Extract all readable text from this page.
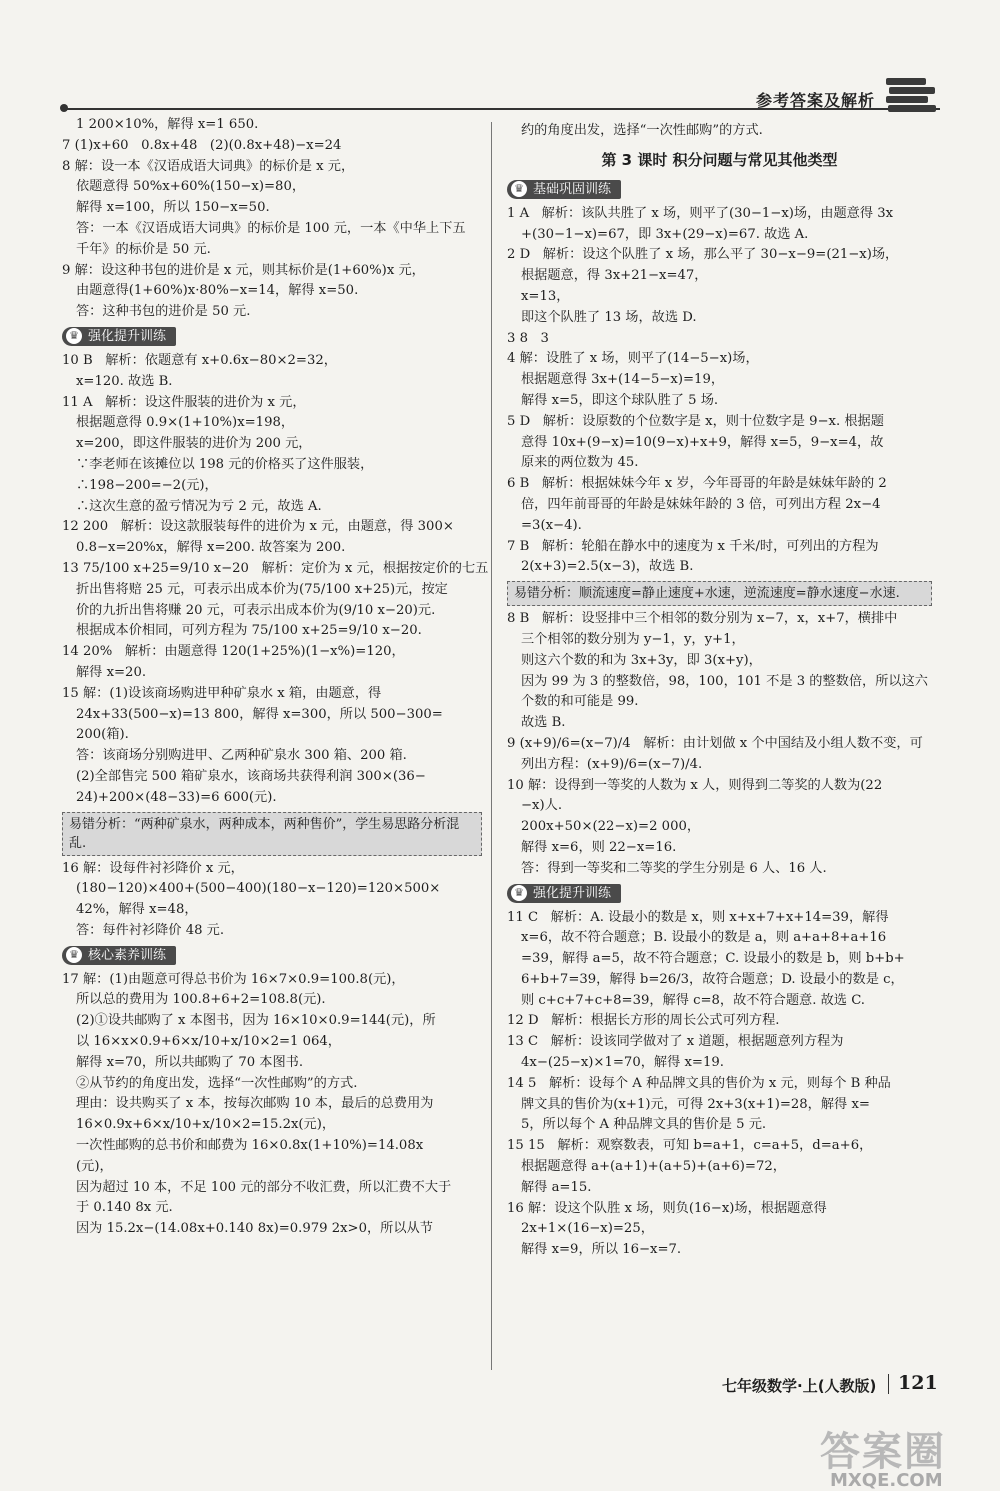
参考答案及解析
1 200×10%，解得 x=1 650.
7 (1)x+60   0.8x+48   (2)(0.8x+48)−x=24
8 解：设一本《汉语成语大词典》的标价是 x 元，
依题意得 50%x+60%(150−x)=80，
解得 x=100，所以 150−x=50.
答：一本《汉语成语大词典》的标价是 100 元，一本《中华上下五
千年》的标价是 50 元.
9 解：设这种书包的进价是 x 元，则其标价是(1+60%)x 元，
由题意得(1+60%)x·80%−x=14，解得 x=50.
答：这种书包的进价是 50 元.
♛ 强化提升训练
10 B   解析：依题意有 x+0.6x−80×2=32，
x=120. 故选 B.
11 A   解析：设这件服装的进价为 x 元，
根据题意得 0.9×(1+10%)x=198，
x=200，即这件服装的进价为 200 元，
∵李老师在该摊位以 198 元的价格买了这件服装，
∴198−200=−2(元)，
∴这次生意的盈亏情况为亏 2 元，故选 A.
12 200   解析：设这款服装每件的进价为 x 元，由题意，得 300×
0.8−x=20%x，解得 x=200. 故答案为 200.
13 75/100 x+25=9/10 x−20   解析：定价为 x 元，根据按定价的七五
折出售将赔 25 元，可表示出成本价为(75/100 x+25)元，按定
价的九折出售将赚 20 元，可表示出成本价为(9/10 x−20)元.
根据成本价相同，可列方程为 75/100 x+25=9/10 x−20.
14 20%   解析：由题意得 120(1+25%)(1−x%)=120，
解得 x=20.
15 解：(1)设该商场购进甲种矿泉水 x 箱，由题意，得
24x+33(500−x)=13 800，解得 x=300，所以 500−300=
200(箱).
答：该商场分别购进甲、乙两种矿泉水 300 箱、200 箱.
(2)全部售完 500 箱矿泉水，该商场共获得利润 300×(36−
24)+200×(48−33)=6 600(元).
易错分析：“两种矿泉水，两种成本，两种售价”，学生易思路分析混乱.
16 解：设每件衬衫降价 x 元，
(180−120)×400+(500−400)(180−x−120)=120×500×
42%，解得 x=48，
答：每件衬衫降价 48 元.
♛ 核心素养训练
17 解：(1)由题意可得总书价为 16×7×0.9=100.8(元)，
所以总的费用为 100.8+6+2=108.8(元).
(2)①设共邮购了 x 本图书，因为 16×10×0.9=144(元)，所
以 16×x×0.9+6×x/10+x/10×2=1 064，
解得 x=70，所以共邮购了 70 本图书.
②从节约的角度出发，选择“一次性邮购”的方式.
理由：设共购买了 x 本，按每次邮购 10 本，最后的总费用为
16×0.9x+6×x/10+x/10×2=15.2x(元)，
一次性邮购的总书价和邮费为 16×0.8x(1+10%)=14.08x
(元)，
因为超过 10 本，不足 100 元的部分不收汇费，所以汇费不大于
于 0.140 8x 元.
因为 15.2x−(14.08x+0.140 8x)=0.979 2x>0，所以从节
约的角度出发，选择“一次性邮购”的方式.
第 3 课时 积分问题与常见其他类型
♛ 基础巩固训练
1 A   解析：该队共胜了 x 场，则平了(30−1−x)场，由题意得 3x
+(30−1−x)=67，即 3x+(29−x)=67. 故选 A.
2 D   解析：设这个队胜了 x 场，那么平了 30−x−9=(21−x)场，
根据题意，得 3x+21−x=47，
x=13，
即这个队胜了 13 场，故选 D.
3 8   3
4 解：设胜了 x 场，则平了(14−5−x)场，
根据题意得 3x+(14−5−x)=19，
解得 x=5，即这个球队胜了 5 场.
5 D   解析：设原数的个位数字是 x，则十位数字是 9−x. 根据题
意得 10x+(9−x)=10(9−x)+x+9，解得 x=5，9−x=4，故
原来的两位数为 45.
6 B   解析：根据妹妹今年 x 岁，今年哥哥的年龄是妹妹年龄的 2
倍，四年前哥哥的年龄是妹妹年龄的 3 倍，可列出方程 2x−4
=3(x−4).
7 B   解析：轮船在静水中的速度为 x 千米/时，可列出的方程为
2(x+3)=2.5(x−3)，故选 B.
易错分析：顺流速度=静止速度+水速，逆流速度=静水速度−水速.
8 B   解析：设竖排中三个相邻的数分别为 x−7，x，x+7，横排中
三个相邻的数分别为 y−1，y，y+1，
则这六个数的和为 3x+3y，即 3(x+y)，
因为 99 为 3 的整数倍，98，100，101 不是 3 的整数倍，所以这六
个数的和可能是 99.
故选 B.
9 (x+9)/6=(x−7)/4   解析：由计划做 x 个中国结及小组人数不变，可
列出方程：(x+9)/6=(x−7)/4.
10 解：设得到一等奖的人数为 x 人，则得到二等奖的人数为(22
−x)人.
200x+50×(22−x)=2 000，
解得 x=6，则 22−x=16.
答：得到一等奖和二等奖的学生分别是 6 人、16 人.
♛ 强化提升训练
11 C   解析：A. 设最小的数是 x，则 x+x+7+x+14=39，解得
x=6，故不符合题意；B. 设最小的数是 a，则 a+a+8+a+16
=39，解得 a=5，故不符合题意；C. 设最小的数是 b，则 b+b+
6+b+7=39，解得 b=26/3，故符合题意；D. 设最小的数是 c，
则 c+c+7+c+8=39，解得 c=8，故不符合题意. 故选 C.
12 D   解析：根据长方形的周长公式可列方程.
13 C   解析：设该同学做对了 x 道题，根据题意列方程为
4x−(25−x)×1=70，解得 x=19.
14 5   解析：设每个 A 种品牌文具的售价为 x 元，则每个 B 种品
牌文具的售价为(x+1)元，可得 2x+3(x+1)=28，解得 x=
5，所以每个 A 种品牌文具的售价是 5 元.
15 15   解析：观察数表，可知 b=a+1，c=a+5，d=a+6，
根据题意得 a+(a+1)+(a+5)+(a+6)=72，
解得 a=15.
16 解：设这个队胜 x 场，则负(16−x)场，根据题意得
2x+1×(16−x)=25，
解得 x=9，所以 16−x=7.
七年级数学·上(人教版) 121
答案圈
MXQE.COM
